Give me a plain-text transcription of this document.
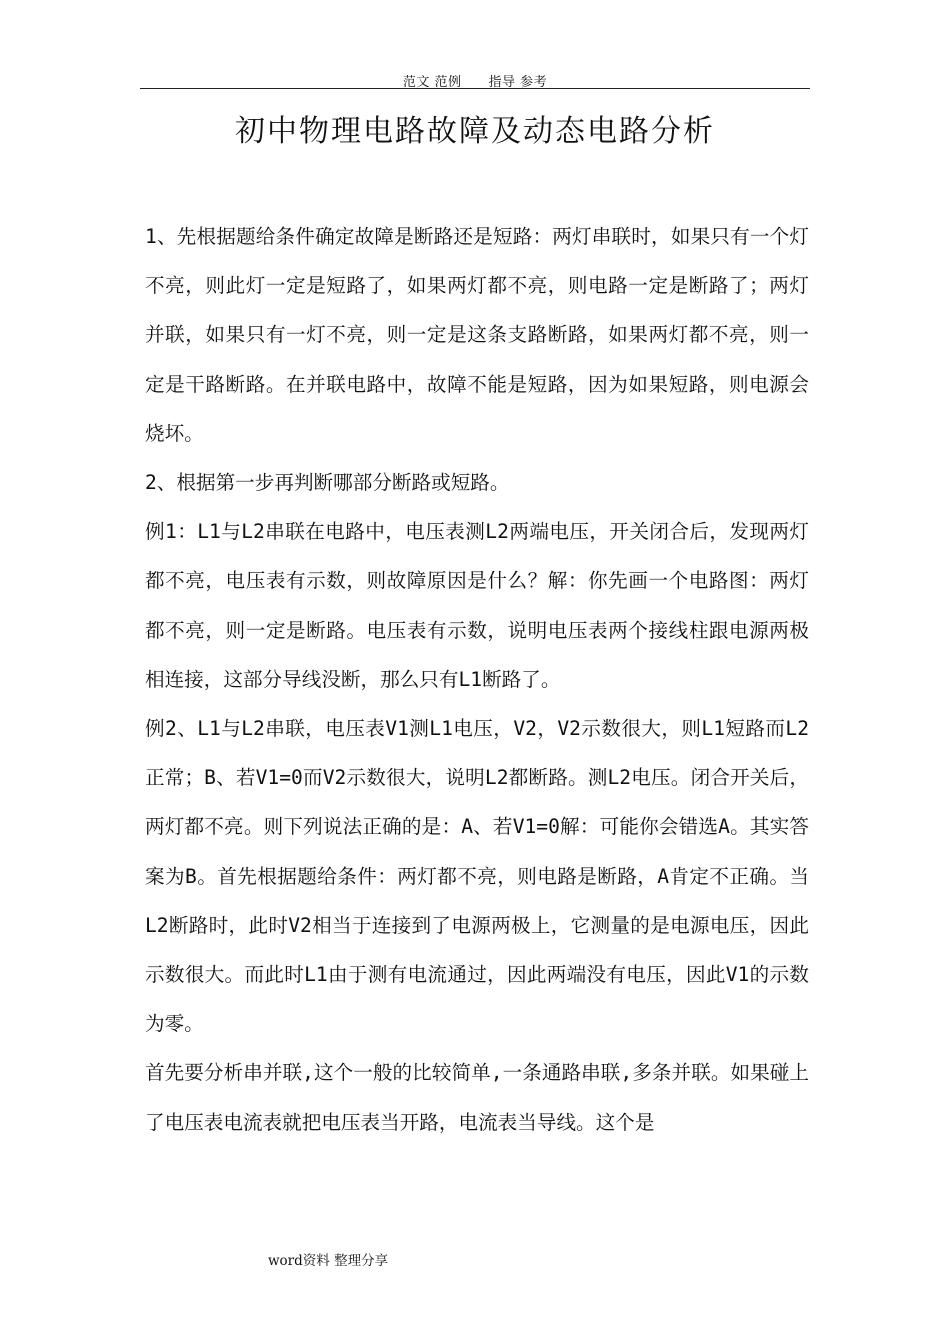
范文 范例　　指导 参考
初中物理电路故障及动态电路分析

1、先根据题给条件确定故障是断路还是短路：两灯串联时，如果只有一个灯不亮，则此灯一定是短路了，如果两灯都不亮，则电路一定是断路了；两灯并联，如果只有一灯不亮，则一定是这条支路断路，如果两灯都不亮，则一定是干路断路。在并联电路中，故障不能是短路，因为如果短路，则电源会烧坏。

2、根据第一步再判断哪部分断路或短路。

例1：L1与L2串联在电路中，电压表测L2两端电压，开关闭合后，发现两灯都不亮，电压表有示数，则故障原因是什么？解：你先画一个电路图：两灯都不亮，则一定是断路。电压表有示数，说明电压表两个接线柱跟电源两极相连接，这部分导线没断，那么只有L1断路了。

例2、L1与L2串联，电压表V1测L1电压，V2，V2示数很大，则L1短路而L2正常；B、若V1=0而V2示数很大，说明L2都断路。测L2电压。闭合开关后，两灯都不亮。则下列说法正确的是：A、若V1=0解：可能你会错选A。其实答案为B。首先根据题给条件：两灯都不亮，则电路是断路，A肯定不正确。当L2断路时，此时V2相当于连接到了电源两极上，它测量的是电源电压，因此示数很大。而此时L1由于测有电流通过，因此两端没有电压，因此V1的示数为零。

首先要分析串并联,这个一般的比较简单,一条通路串联,多条并联。如果碰上了电压表电流表就把电压表当开路，电流表当导线。这个是

word资料 整理分享
